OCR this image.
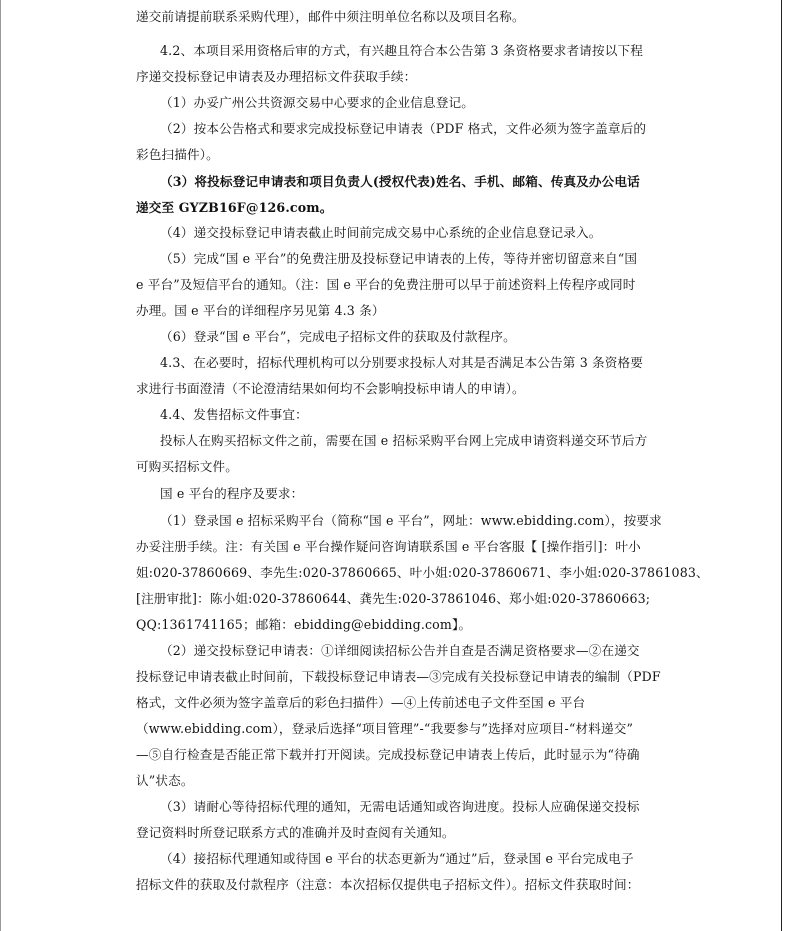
递交前请提前联系采购代理），邮件中须注明单位名称以及项目名称。
4.2、本项目采用资格后审的方式，有兴趣且符合本公告第 3 条资格要求者请按以下程
序递交投标登记申请表及办理招标文件获取手续：
（1）办妥广州公共资源交易中心要求的企业信息登记。
（2）按本公告格式和要求完成投标登记申请表（PDF 格式，文件必须为签字盖章后的
彩色扫描件）。
（3）将投标登记申请表和项目负责人(授权代表)姓名、手机、邮箱、传真及办公电话
递交至 GYZB16F@126.com。
（4）递交投标登记申请表截止时间前完成交易中心系统的企业信息登记录入。
（5）完成“国 e 平台”的免费注册及投标登记申请表的上传，等待并密切留意来自“国
e 平台”及短信平台的通知。（注：国 e 平台的免费注册可以早于前述资料上传程序或同时
办理。国 e 平台的详细程序另见第 4.3 条）
（6）登录“国 e 平台”，完成电子招标文件的获取及付款程序。
4.3、在必要时，招标代理机构可以分别要求投标人对其是否满足本公告第 3 条资格要
求进行书面澄清（不论澄清结果如何均不会影响投标申请人的申请）。
4.4、发售招标文件事宜：
投标人在购买招标文件之前，需要在国 e 招标采购平台网上完成申请资料递交环节后方
可购买招标文件。
国 e 平台的程序及要求：
（1）登录国 e 招标采购平台（简称“国 e 平台”，网址：www.ebidding.com），按要求
办妥注册手续。注：有关国 e 平台操作疑问咨询请联系国 e 平台客服【 [操作指引]：叶小
姐:020-37860669、李先生:020-37860665、叶小姐:020-37860671、李小姐:020-37861083、
[注册审批]：陈小姐:020-37860644、龚先生:020-37861046、郑小姐:020-37860663;
QQ:1361741165；邮箱：ebidding@ebidding.com】。
（2）递交投标登记申请表：①详细阅读招标公告并自查是否满足资格要求—②在递交
投标登记申请表截止时间前，下载投标登记申请表—③完成有关投标登记申请表的编制（PDF
格式，文件必须为签字盖章后的彩色扫描件）—④上传前述电子文件至国 e 平台
（www.ebidding.com），登录后选择“项目管理”-“我要参与”选择对应项目-“材料递交”
—⑤自行检查是否能正常下载并打开阅读。完成投标登记申请表上传后，此时显示为“待确
认”状态。
（3）请耐心等待招标代理的通知，无需电话通知或咨询进度。投标人应确保递交投标
登记资料时所登记联系方式的准确并及时查阅有关通知。
（4）接招标代理通知或待国 e 平台的状态更新为“通过”后，登录国 e 平台完成电子
招标文件的获取及付款程序（注意：本次招标仅提供电子招标文件）。招标文件获取时间：
